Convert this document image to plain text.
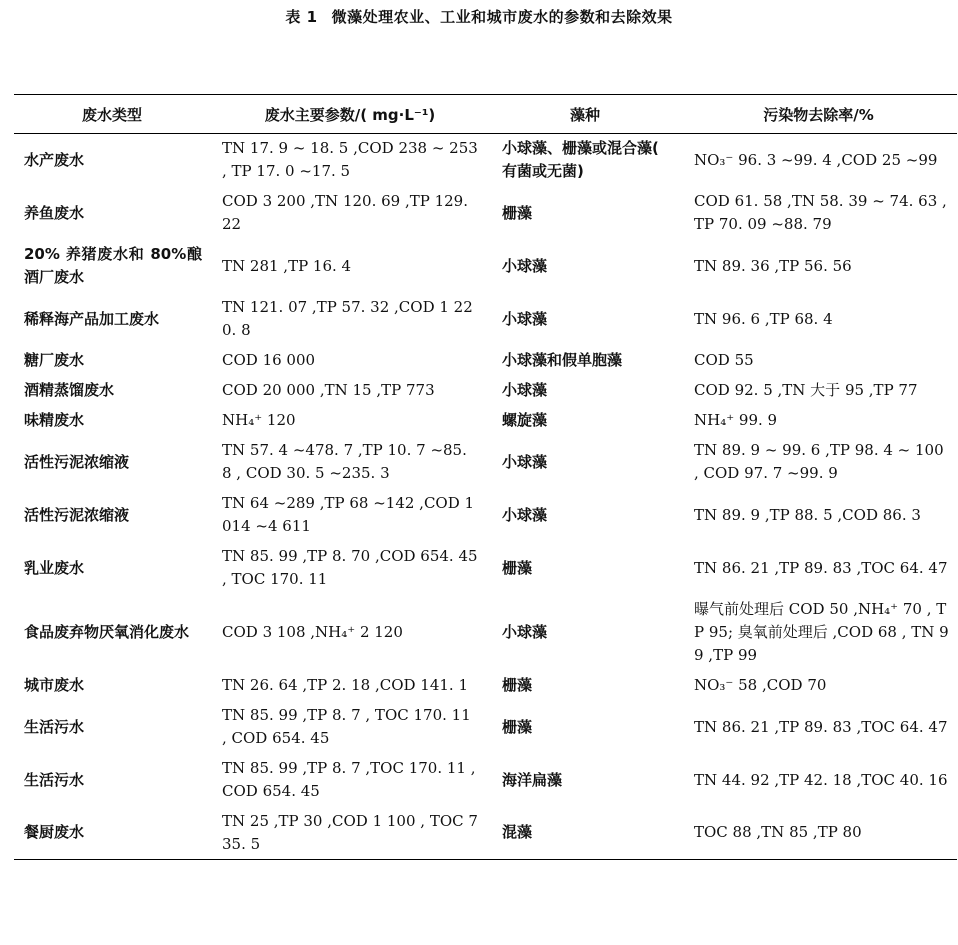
表 1 微藻处理农业、工业和城市废水的参数和去除效果
废水类型	废水主要参数/( mg·L⁻¹)	藻种	污染物去除率/%
水产废水	TN 17. 9 ~ 18. 5 ,COD 238 ~ 253 , TP 17. 0 ~17. 5	小球藻、栅藻或混合藻( 有菌或无菌)	NO₃⁻ 96. 3 ~99. 4 ,COD 25 ~99
养鱼废水	COD 3 200 ,TN 120. 69 ,TP 129. 22	栅藻	COD 61. 58 ,TN 58. 39 ~ 74. 63 , TP 70. 09 ~88. 79
20% 养猪废水和 80%酿酒厂废水	TN 281 ,TP 16. 4	小球藻	TN 89. 36 ,TP 56. 56
稀释海产品加工废水	TN 121. 07 ,TP 57. 32 ,COD 1 220. 8	小球藻	TN 96. 6 ,TP 68. 4
糖厂废水	COD 16 000	小球藻和假单胞藻	COD 55
酒精蒸馏废水	COD 20 000 ,TN 15 ,TP 773	小球藻	COD 92. 5 ,TN 大于 95 ,TP 77
味精废水	NH₄⁺ 120	螺旋藻	NH₄⁺ 99. 9
活性污泥浓缩液	TN 57. 4 ~478. 7 ,TP 10. 7 ~85. 8 , COD 30. 5 ~235. 3	小球藻	TN 89. 9 ~ 99. 6 ,TP 98. 4 ~ 100 , COD 97. 7 ~99. 9
活性污泥浓缩液	TN 64 ~289 ,TP 68 ~142 ,COD 1 014 ~4 611	小球藻	TN 89. 9 ,TP 88. 5 ,COD 86. 3
乳业废水	TN 85. 99 ,TP 8. 70 ,COD 654. 45 , TOC 170. 11	栅藻	TN 86. 21 ,TP 89. 83 ,TOC 64. 47
食品废弃物厌氧消化废水	COD 3 108 ,NH₄⁺ 2 120	小球藻	曝气前处理后 COD 50 ,NH₄⁺ 70 , TP 95; 臭氧前处理后 ,COD 68 , TN 99 ,TP 99
城市废水	TN 26. 64 ,TP 2. 18 ,COD 141. 1	栅藻	NO₃⁻ 58 ,COD 70
生活污水	TN 85. 99 ,TP 8. 7 , TOC 170. 11 , COD 654. 45	栅藻	TN 86. 21 ,TP 89. 83 ,TOC 64. 47
生活污水	TN 85. 99 ,TP 8. 7 ,TOC 170. 11 , COD 654. 45	海洋扁藻	TN 44. 92 ,TP 42. 18 ,TOC 40. 16
餐厨废水	TN 25 ,TP 30 ,COD 1 100 , TOC 735. 5	混藻	TOC 88 ,TN 85 ,TP 80
